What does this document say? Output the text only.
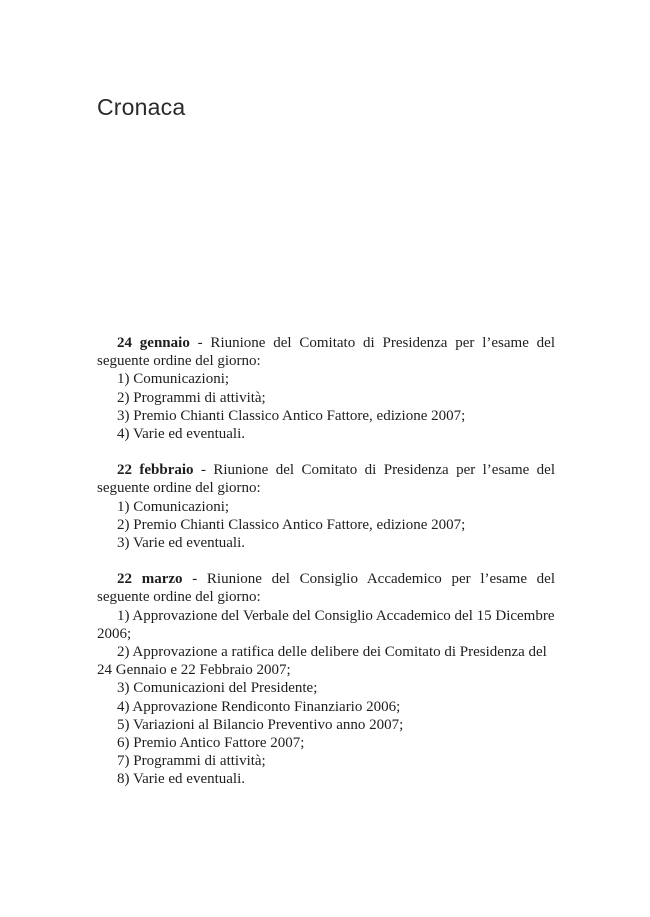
Cronaca

24 gennaio - Riunione del Comitato di Presidenza per l’esame del seguente ordine del giorno:

1) Comunicazioni;

2) Programmi di attività;

3) Premio Chianti Classico Antico Fattore, edizione 2007;

4) Varie ed eventuali.

22 febbraio - Riunione del Comitato di Presidenza per l’esame del seguente ordine del giorno:

1) Comunicazioni;

2) Premio Chianti Classico Antico Fattore, edizione 2007;

3) Varie ed eventuali.

22 marzo - Riunione del Consiglio Accademico per l’esame del seguente ordine del giorno:

1) Approvazione del Verbale del Consiglio Accademico del 15 Dicembre 2006;

2) Approvazione a ratifica delle delibere dei Comitato di Presidenza del 24 Gennaio e 22 Febbraio 2007;

3) Comunicazioni del Presidente;

4) Approvazione Rendiconto Finanziario 2006;

5) Variazioni al Bilancio Preventivo anno 2007;

6) Premio Antico Fattore 2007;

7) Programmi di attività;

8) Varie ed eventuali.
